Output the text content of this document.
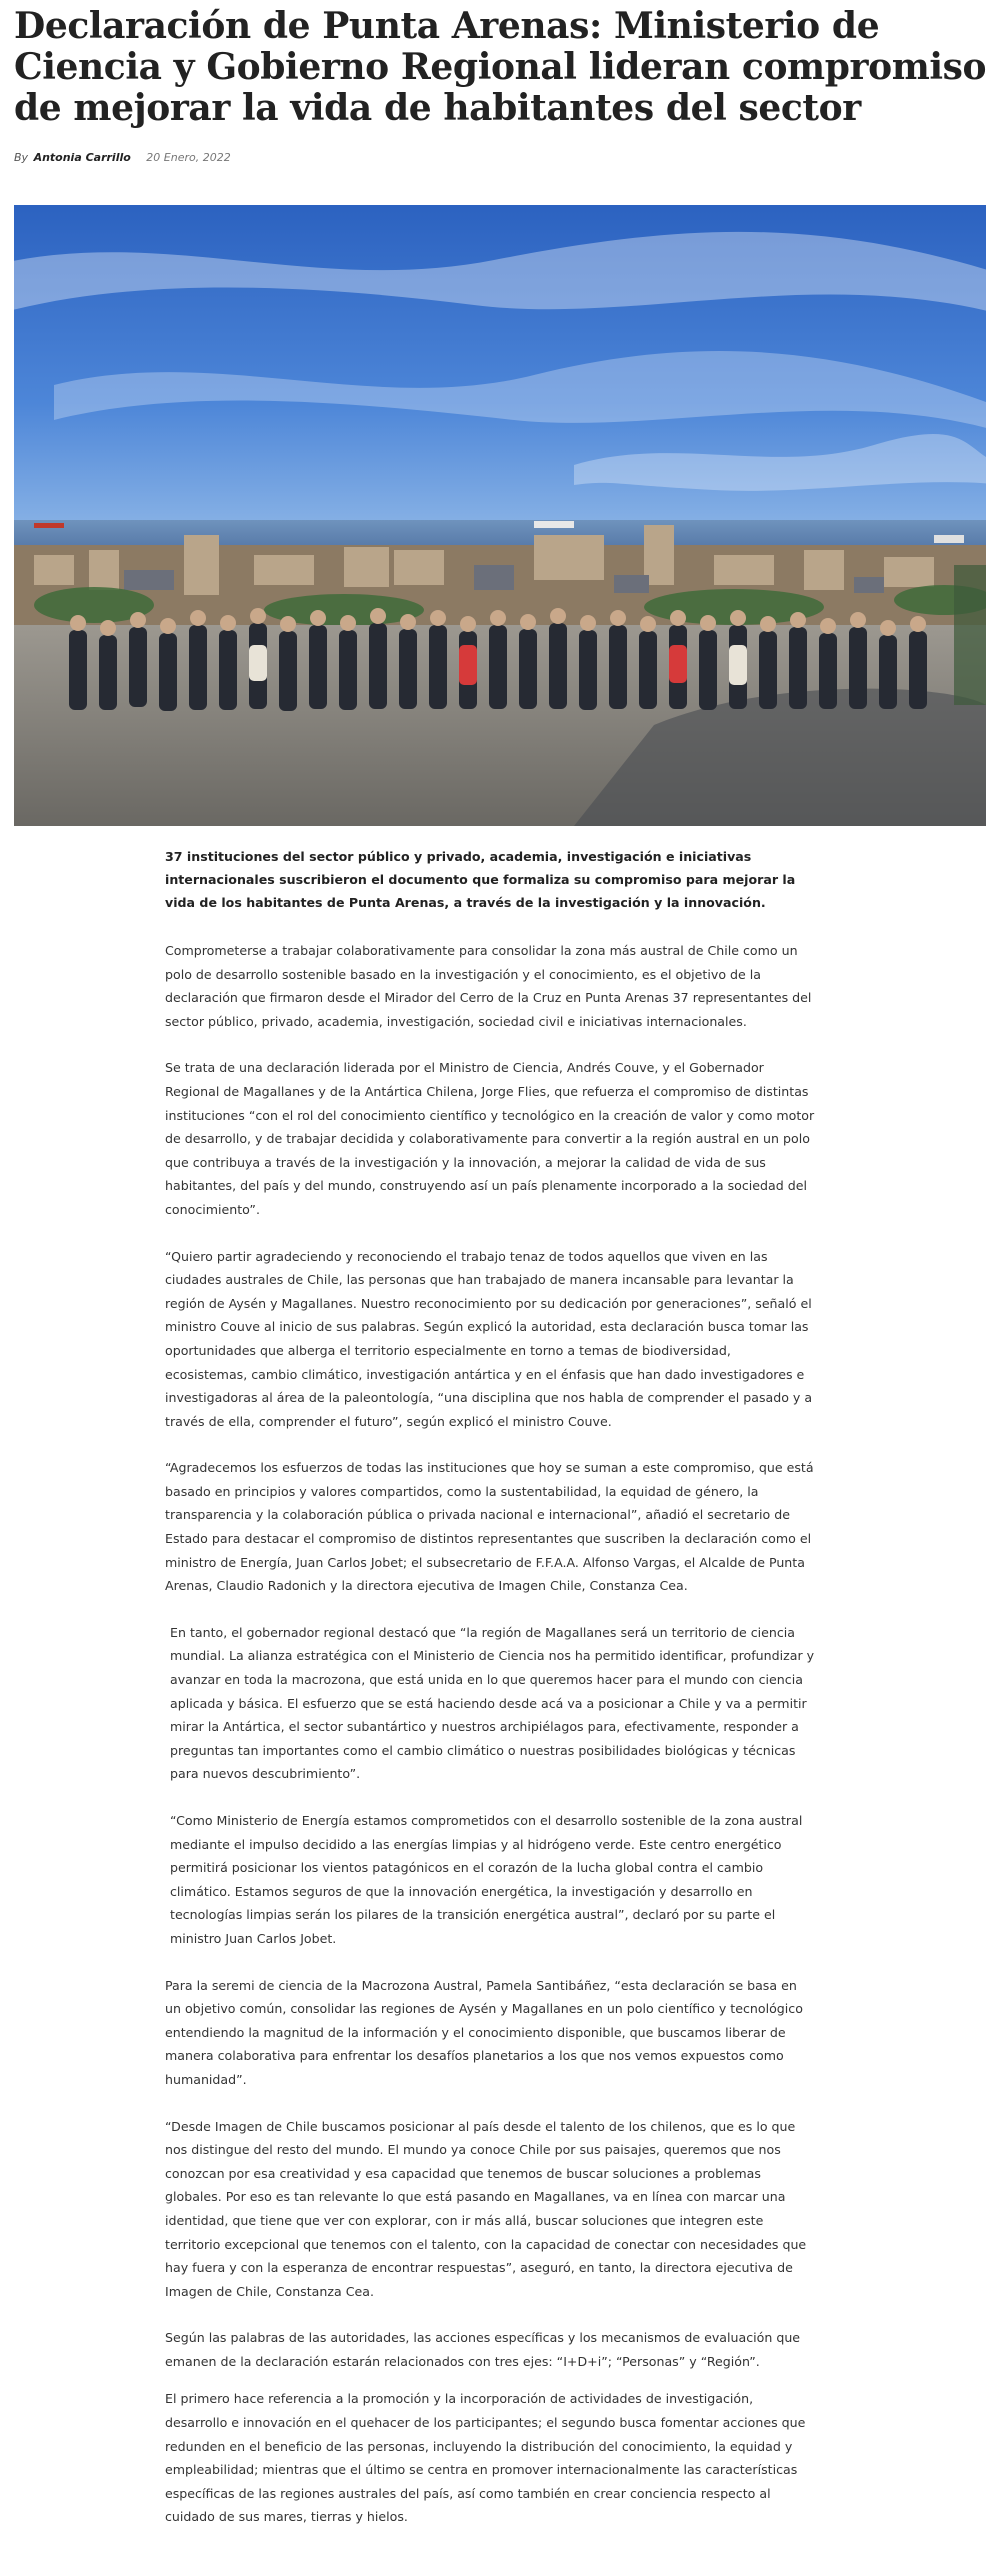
Declaración de Punta Arenas: Ministerio de Ciencia y Gobierno Regional lideran compromiso de mejorar la vida de habitantes del sector
By Antonia Carrillo 20 Enero, 2022

37 instituciones del sector público y privado, academia, investigación e iniciativas internacionales suscribieron el documento que formaliza su compromiso para mejorar la vida de los habitantes de Punta Arenas, a través de la investigación y la innovación.

Comprometerse a trabajar colaborativamente para consolidar la zona más austral de Chile como un polo de desarrollo sostenible basado en la investigación y el conocimiento, es el objetivo de la declaración que firmaron desde el Mirador del Cerro de la Cruz en Punta Arenas 37 representantes del sector público, privado, academia, investigación, sociedad civil e iniciativas internacionales.

Se trata de una declaración liderada por el Ministro de Ciencia, Andrés Couve, y el Gobernador Regional de Magallanes y de la Antártica Chilena, Jorge Flies, que refuerza el compromiso de distintas instituciones “con el rol del conocimiento científico y tecnológico en la creación de valor y como motor de desarrollo, y de trabajar decidida y colaborativamente para convertir a la región austral en un polo que contribuya a través de la investigación y la innovación, a mejorar la calidad de vida de sus habitantes, del país y del mundo, construyendo así un país plenamente incorporado a la sociedad del conocimiento”.

“Quiero partir agradeciendo y reconociendo el trabajo tenaz de todos aquellos que viven en las ciudades australes de Chile, las personas que han trabajado de manera incansable para levantar la región de Aysén y Magallanes. Nuestro reconocimiento por su dedicación por generaciones”, señaló el ministro Couve al inicio de sus palabras. Según explicó la autoridad, esta declaración busca tomar las oportunidades que alberga el territorio especialmente en torno a temas de biodiversidad, ecosistemas, cambio climático, investigación antártica y en el énfasis que han dado investigadores e investigadoras al área de la paleontología, “una disciplina que nos habla de comprender el pasado y a través de ella, comprender el futuro”, según explicó el ministro Couve.

“Agradecemos los esfuerzos de todas las instituciones que hoy se suman a este compromiso, que está basado en principios y valores compartidos, como la sustentabilidad, la equidad de género, la transparencia y la colaboración pública o privada nacional e internacional”, añadió el secretario de Estado para destacar el compromiso de distintos representantes que suscriben la declaración como el ministro de Energía, Juan Carlos Jobet; el subsecretario de F.F.A.A. Alfonso Vargas, el Alcalde de Punta Arenas, Claudio Radonich y la directora ejecutiva de Imagen Chile, Constanza Cea.

En tanto, el gobernador regional destacó que “la región de Magallanes será un territorio de ciencia mundial. La alianza estratégica con el Ministerio de Ciencia nos ha permitido identificar, profundizar y avanzar en toda la macrozona, que está unida en lo que queremos hacer para el mundo con ciencia aplicada y básica. El esfuerzo que se está haciendo desde acá va a posicionar a Chile y va a permitir mirar la Antártica, el sector subantártico y nuestros archipiélagos para, efectivamente, responder a preguntas tan importantes como el cambio climático o nuestras posibilidades biológicas y técnicas para nuevos descubrimiento”.

“Como Ministerio de Energía estamos comprometidos con el desarrollo sostenible de la zona austral mediante el impulso decidido a las energías limpias y al hidrógeno verde. Este centro energético permitirá posicionar los vientos patagónicos en el corazón de la lucha global contra el cambio climático. Estamos seguros de que la innovación energética, la investigación y desarrollo en tecnologías limpias serán los pilares de la transición energética austral”, declaró por su parte el ministro Juan Carlos Jobet.

Para la seremi de ciencia de la Macrozona Austral, Pamela Santibáñez, “esta declaración se basa en un objetivo común, consolidar las regiones de Aysén y Magallanes en un polo científico y tecnológico entendiendo la magnitud de la información y el conocimiento disponible, que buscamos liberar de manera colaborativa para enfrentar los desafíos planetarios a los que nos vemos expuestos como humanidad”.

“Desde Imagen de Chile buscamos posicionar al país desde el talento de los chilenos, que es lo que nos distingue del resto del mundo. El mundo ya conoce Chile por sus paisajes, queremos que nos conozcan por esa creatividad y esa capacidad que tenemos de buscar soluciones a problemas globales. Por eso es tan relevante lo que está pasando en Magallanes, va en línea con marcar una identidad, que tiene que ver con explorar, con ir más allá, buscar soluciones que integren este territorio excepcional que tenemos con el talento, con la capacidad de conectar con necesidades que hay fuera y con la esperanza de encontrar respuestas”, aseguró, en tanto, la directora ejecutiva de Imagen de Chile, Constanza Cea.

Según las palabras de las autoridades, las acciones específicas y los mecanismos de evaluación que emanen de la declaración estarán relacionados con tres ejes: “I+D+i”; “Personas” y “Región”.

El primero hace referencia a la promoción y la incorporación de actividades de investigación, desarrollo e innovación en el quehacer de los participantes; el segundo busca fomentar acciones que redunden en el beneficio de las personas, incluyendo la distribución del conocimiento, la equidad y empleabilidad; mientras que el último se centra en promover internacionalmente las características específicas de las regiones australes del país, así como también en crear conciencia respecto al cuidado de sus mares, tierras y hielos.
